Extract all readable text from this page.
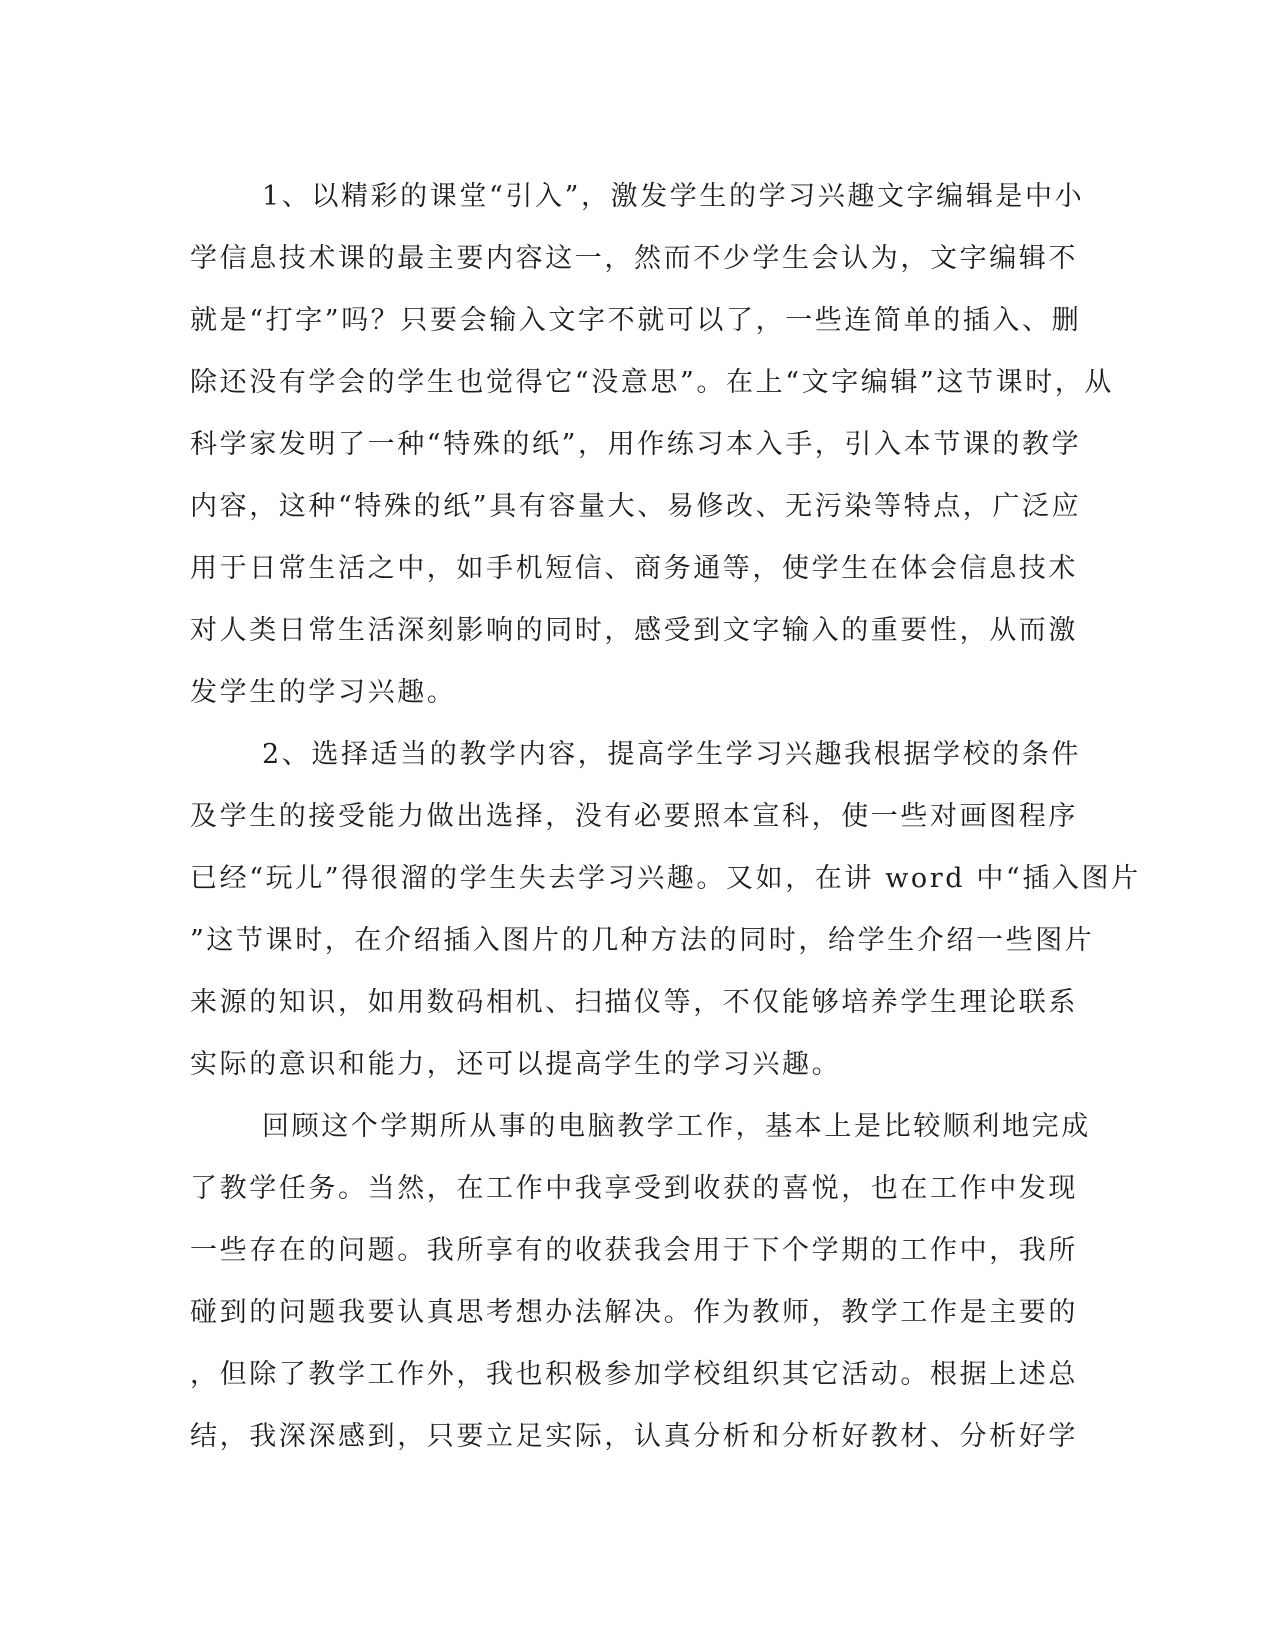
1、以精彩的课堂“引入”，激发学生的学习兴趣文字编辑是中小
学信息技术课的最主要内容这一，然而不少学生会认为，文字编辑不
就是“打字”吗？只要会输入文字不就可以了，一些连简单的插入、删
除还没有学会的学生也觉得它“没意思”。在上“文字编辑”这节课时，从
科学家发明了一种“特殊的纸”，用作练习本入手，引入本节课的教学
内容，这种“特殊的纸”具有容量大、易修改、无污染等特点，广泛应
用于日常生活之中，如手机短信、商务通等，使学生在体会信息技术
对人类日常生活深刻影响的同时，感受到文字输入的重要性，从而激
发学生的学习兴趣。
2、选择适当的教学内容，提高学生学习兴趣我根据学校的条件
及学生的接受能力做出选择，没有必要照本宣科，使一些对画图程序
已经“玩儿”得很溜的学生失去学习兴趣。又如，在讲 word 中“插入图片
”这节课时，在介绍插入图片的几种方法的同时，给学生介绍一些图片
来源的知识，如用数码相机、扫描仪等，不仅能够培养学生理论联系
实际的意识和能力，还可以提高学生的学习兴趣。
回顾这个学期所从事的电脑教学工作，基本上是比较顺利地完成
了教学任务。当然，在工作中我享受到收获的喜悦，也在工作中发现
一些存在的问题。我所享有的收获我会用于下个学期的工作中，我所
碰到的问题我要认真思考想办法解决。作为教师，教学工作是主要的
，但除了教学工作外，我也积极参加学校组织其它活动。根据上述总
结，我深深感到，只要立足实际，认真分析和分析好教材、分析好学
